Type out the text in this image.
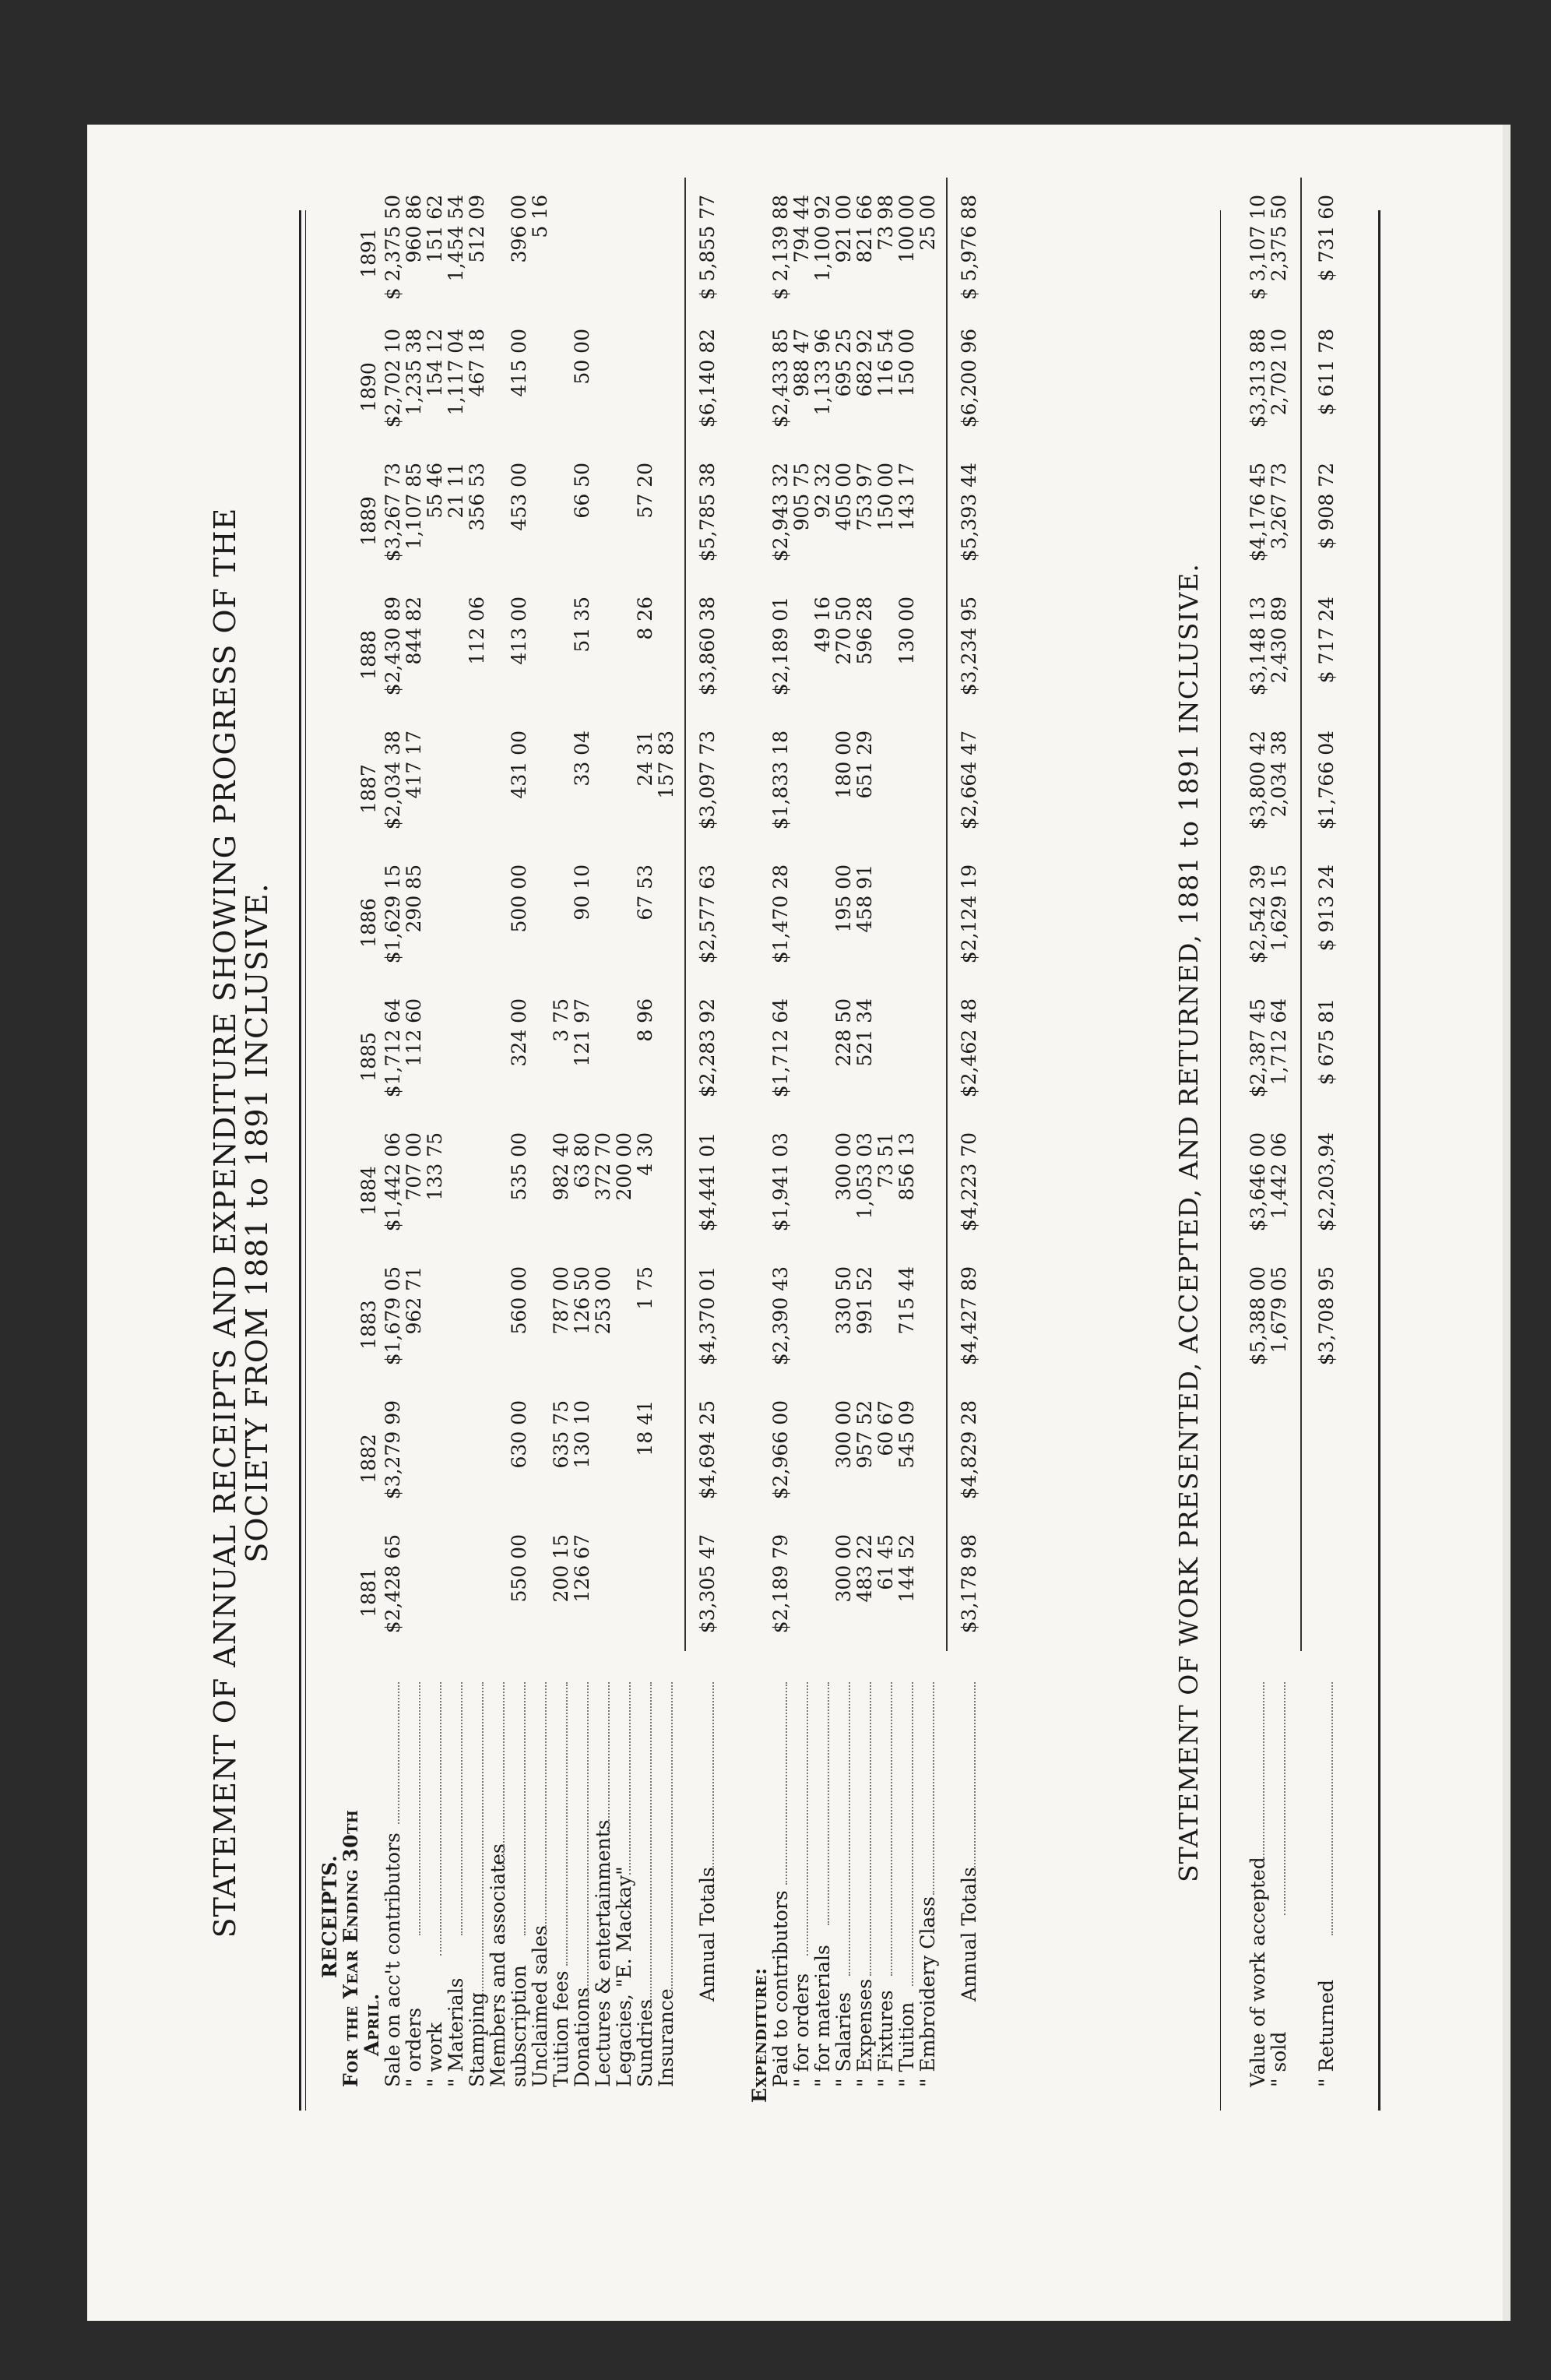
STATEMENT OF ANNUAL RECEIPTS AND EXPENDITURE SHOWING PROGRESS OF THE
SOCIETY FROM 1881 to 1891 INCLUSIVE.	STATEMENT OF WORK PRESENTED, ACCEPTED, AND RETURNED, 1881 to 1891 INCLUSIVE.
RECEIPTS.
For the Year Ending 30th
April.
1881
1882
1883
1884
1885
1886
1887
1888
1889
1890
1891
Sale on acc't contributors
$2,428 65
$3,279 99
$1,679 05
$1,442 06
$1,712 64
$1,629 15
$2,034 38
$2,430 89
$3,267 73
$2,702 10
$ 2,375 50
" orders
962 71
707 00
112 60
290 85
417 17
844 82
1,107 85
1,235 38
960 86
" work
133 75
55 46
154 12
151 62
" Materials
21 11
1,117 04
1,454 54
Stamping
112 06
356 53
467 18
512 09
Members and associates
subscription
550 00
630 00
560 00
535 00
324 00
500 00
431 00
413 00
453 00
415 00
396 00
Unclaimed sales
5 16
Tuition fees
200 15
635 75
787 00
982 40
3 75
Donations
126 67
130 10
126 50
63 80
121 97
90 10
33 04
51 35
66 50
50 00
Lectures & entertainments
253 00
372 70
Legacies, "E. Mackay"
200 00
Sundries
18 41
1 75
4 30
8 96
67 53
24 31
8 26
57 20
Insurance
157 83
Annual Totals
$3,305 47
$4,694 25
$4,370 01
$4,441 01
$2,283 92
$2,577 63
$3,097 73
$3,860 38
$5,785 38
$6,140 82
$ 5,855 77
Expenditure:
Paid to contributors
$2,189 79
$2,966 00
$2,390 43
$1,941 03
$1,712 64
$1,470 28
$1,833 18
$2,189 01
$2,943 32
$2,433 85
$ 2,139 88
" for orders
905 75
988 47
794 44
" for materials
49 16
92 32
1,133 96
1,100 92
" Salaries
300 00
300 00
330 50
300 00
228 50
195 00
180 00
270 50
405 00
695 25
921 00
" Expenses
483 22
957 52
991 52
1,053 03
521 34
458 91
651 29
596 28
753 97
682 92
821 66
" Fixtures
61 45
60 67
73 51
150 00
116 54
73 98
" Tuition
144 52
545 09
715 44
856 13
130 00
143 17
150 00
100 00
" Embroidery Class
25 00
Annual Totals
$3,178 98
$4,829 28
$4,427 89
$4,223 70
$2,462 48
$2,124 19
$2,664 47
$3,234 95
$5,393 44
$6,200 96
$ 5,976 88
Value of work accepted
$5,388 00
$3,646 00
$2,387 45
$2,542 39
$3,800 42
$3,148 13
$4,176 45
$3,313 88
$ 3,107 10
" sold
1,679 05
1,442 06
1,712 64
1,629 15
2,034 38
2,430 89
3,267 73
2,702 10
2,375 50
" Returned
$3,708 95
$2,203,94
$ 675 81
$ 913 24
$1,766 04
$ 717 24
$ 908 72
$ 611 78
$ 731 60
